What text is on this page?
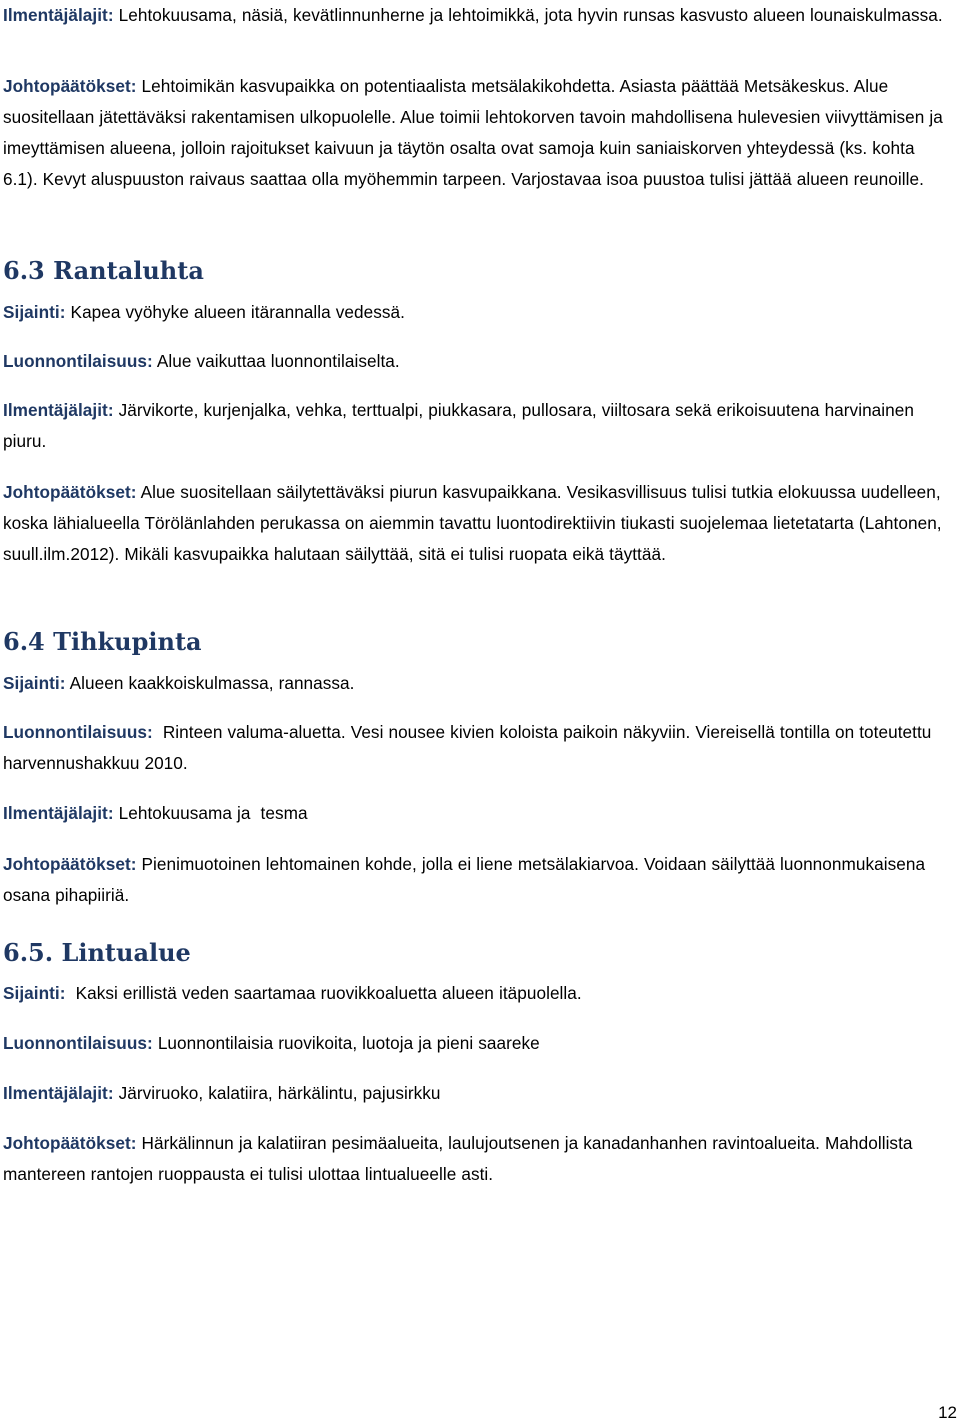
Ilmentäjälajit: Lehtokuusama, näsiä, kevätlinnunherne ja lehtoimikkä, jota hyvin runsas kasvusto alueen lounaiskulmassa.

Johtopäätökset: Lehtoimikän kasvupaikka on potentiaalista metsälakikohdetta. Asiasta päättää Metsäkeskus. Alue suositellaan jätettäväksi rakentamisen ulkopuolelle. Alue toimii lehtokorven tavoin mahdollisena hulevesien viivyttämisen ja imeyttämisen alueena, jolloin rajoitukset kaivuun ja täytön osalta ovat samoja kuin saniaiskorven yhteydessä (ks. kohta 6.1). Kevyt aluspuuston raivaus saattaa olla myöhemmin tarpeen. Varjostavaa isoa puustoa tulisi jättää alueen reunoille.

6.3 Rantaluhta

Sijainti: Kapea vyöhyke alueen itärannalla vedessä.

Luonnontilaisuus: Alue vaikuttaa luonnontilaiselta.

Ilmentäjälajit: Järvikorte, kurjenjalka, vehka, terttualpi, piukkasara, pullosara, viiltosara sekä erikoisuutena harvinainen piuru.

Johtopäätökset: Alue suositellaan säilytettäväksi piurun kasvupaikkana. Vesikasvillisuus tulisi tutkia elokuussa uudelleen, koska lähialueella Törölänlahden perukassa on aiemmin tavattu luontodirektiivin tiukasti suojelemaa lietetatarta (Lahtonen, suull.ilm.2012). Mikäli kasvupaikka halutaan säilyttää, sitä ei tulisi ruopata eikä täyttää.

6.4 Tihkupinta

Sijainti: Alueen kaakkoiskulmassa, rannassa.

Luonnontilaisuus:  Rinteen valuma-aluetta. Vesi nousee kivien koloista paikoin näkyviin. Viereisellä tontilla on toteutettu harvennushakkuu 2010.

Ilmentäjälajit: Lehtokuusama ja  tesma

Johtopäätökset: Pienimuotoinen lehtomainen kohde, jolla ei liene metsälakiarvoa. Voidaan säilyttää luonnonmukaisena osana pihapiiriä.

6.5. Lintualue

Sijainti:  Kaksi erillistä veden saartamaa ruovikkoaluetta alueen itäpuolella.

Luonnontilaisuus: Luonnontilaisia ruovikoita, luotoja ja pieni saareke

Ilmentäjälajit: Järviruoko, kalatiira, härkälintu, pajusirkku

Johtopäätökset: Härkälinnun ja kalatiiran pesimäalueita, laulujoutsenen ja kanadanhanhen ravintoalueita. Mahdollista mantereen rantojen ruoppausta ei tulisi ulottaa lintualueelle asti.

12
